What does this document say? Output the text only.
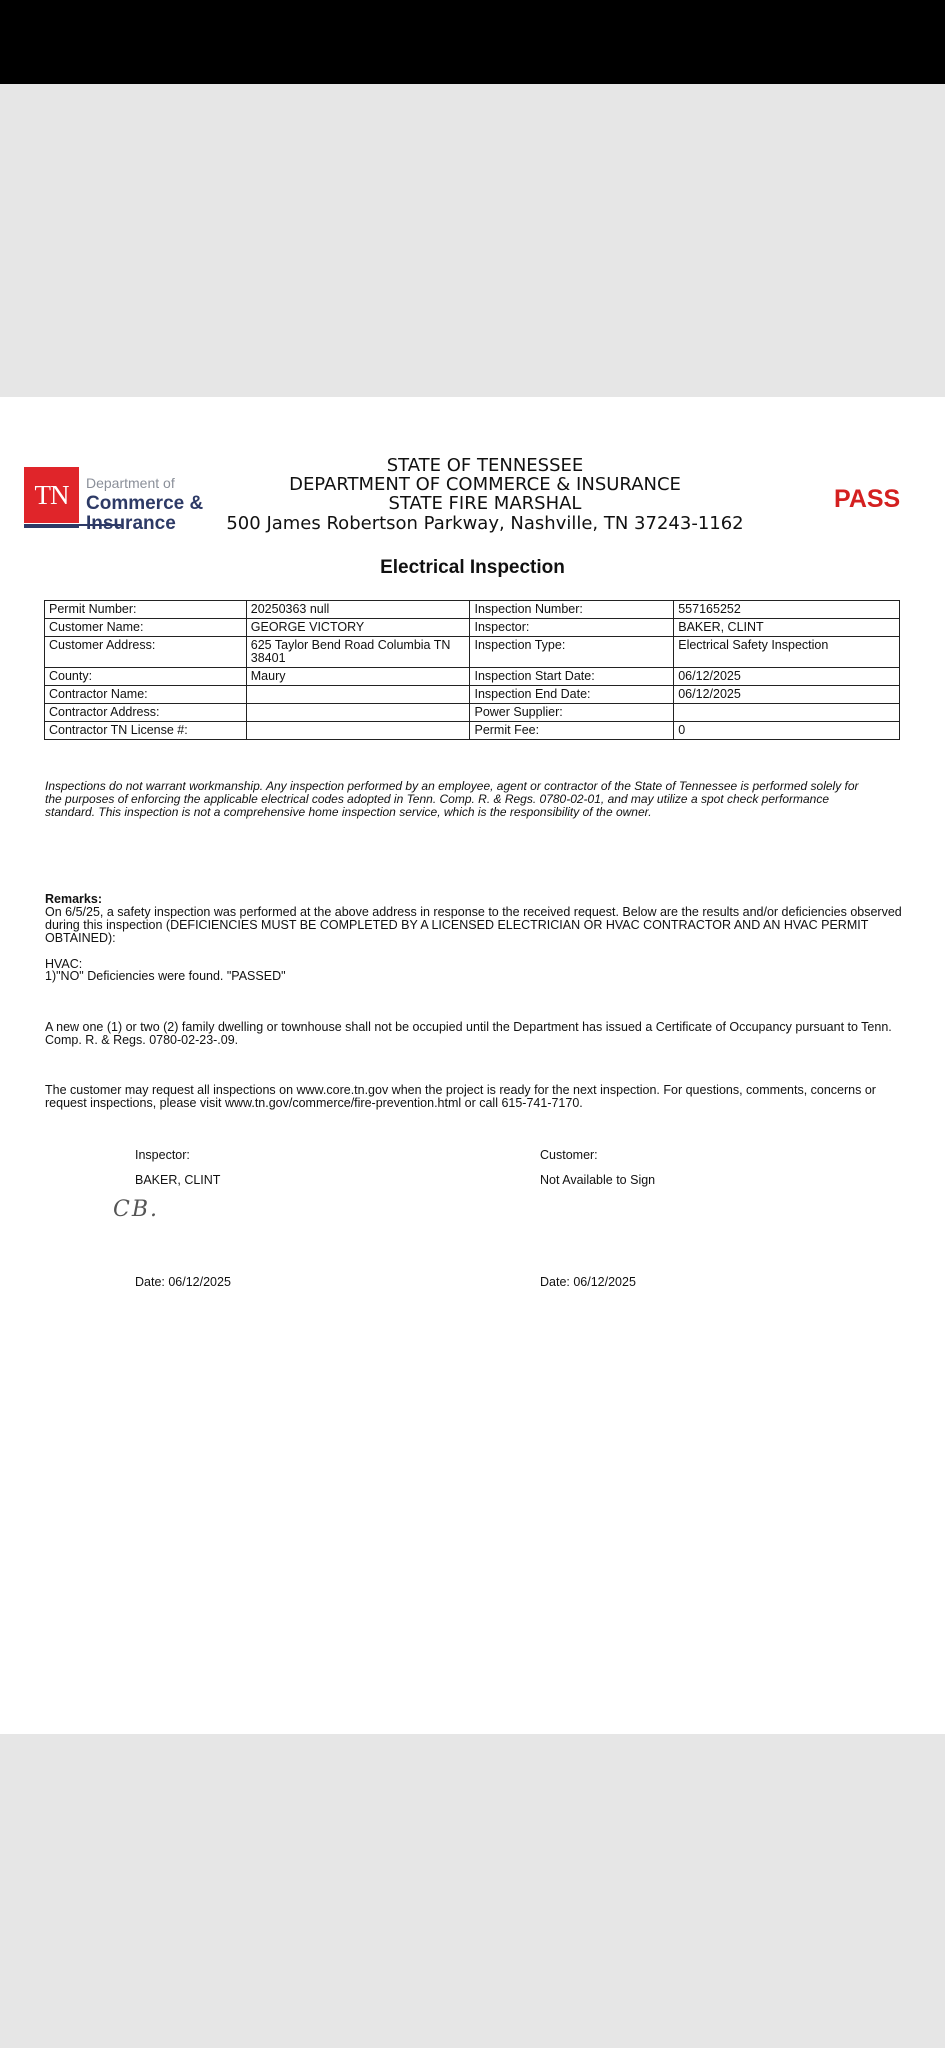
TN	Department of
Commerce &
Insurance
STATE OF TENNESSEE
DEPARTMENT OF COMMERCE & INSURANCE
STATE FIRE MARSHAL
500 James Robertson Parkway, Nashville, TN 37243-1162
PASS
Electrical Inspection
Permit Number:	20250363 null	Inspection Number:	557165252
Customer Name:	GEORGE VICTORY	Inspector:	BAKER, CLINT
Customer Address:	625 Taylor Bend Road Columbia TN 38401	Inspection Type:	Electrical Safety Inspection
County:	Maury	Inspection Start Date:	06/12/2025
Contractor Name:		Inspection End Date:	06/12/2025
Contractor Address:		Power Supplier:	
Contractor TN License #:		Permit Fee:	0
Inspections do not warrant workmanship. Any inspection performed by an employee, agent or contractor of the State of Tennessee is performed solely for the purposes of enforcing the applicable electrical codes adopted in Tenn. Comp. R. & Regs. 0780-02-01, and may utilize a spot check performance standard. This inspection is not a comprehensive home inspection service, which is the responsibility of the owner.
Remarks:
On 6/5/25, a safety inspection was performed at the above address in response to the received request. Below are the results and/or deficiencies observed during this inspection (DEFICIENCIES MUST BE COMPLETED BY A LICENSED ELECTRICIAN OR HVAC CONTRACTOR AND AN HVAC PERMIT OBTAINED):
HVAC:
1)"NO" Deficiencies were found. "PASSED"
A new one (1) or two (2) family dwelling or townhouse shall not be occupied until the Department has issued a Certificate of Occupancy pursuant to Tenn. Comp. R. & Regs. 0780-02-23-.09.
The customer may request all inspections on www.core.tn.gov when the project is ready for the next inspection. For questions, comments, concerns or request inspections, please visit www.tn.gov/commerce/fire-prevention.html or call 615-741-7170.
Inspector:
BAKER, CLINT
CB.
Date: 06/12/2025
Customer:
Not Available to Sign
Date: 06/12/2025
